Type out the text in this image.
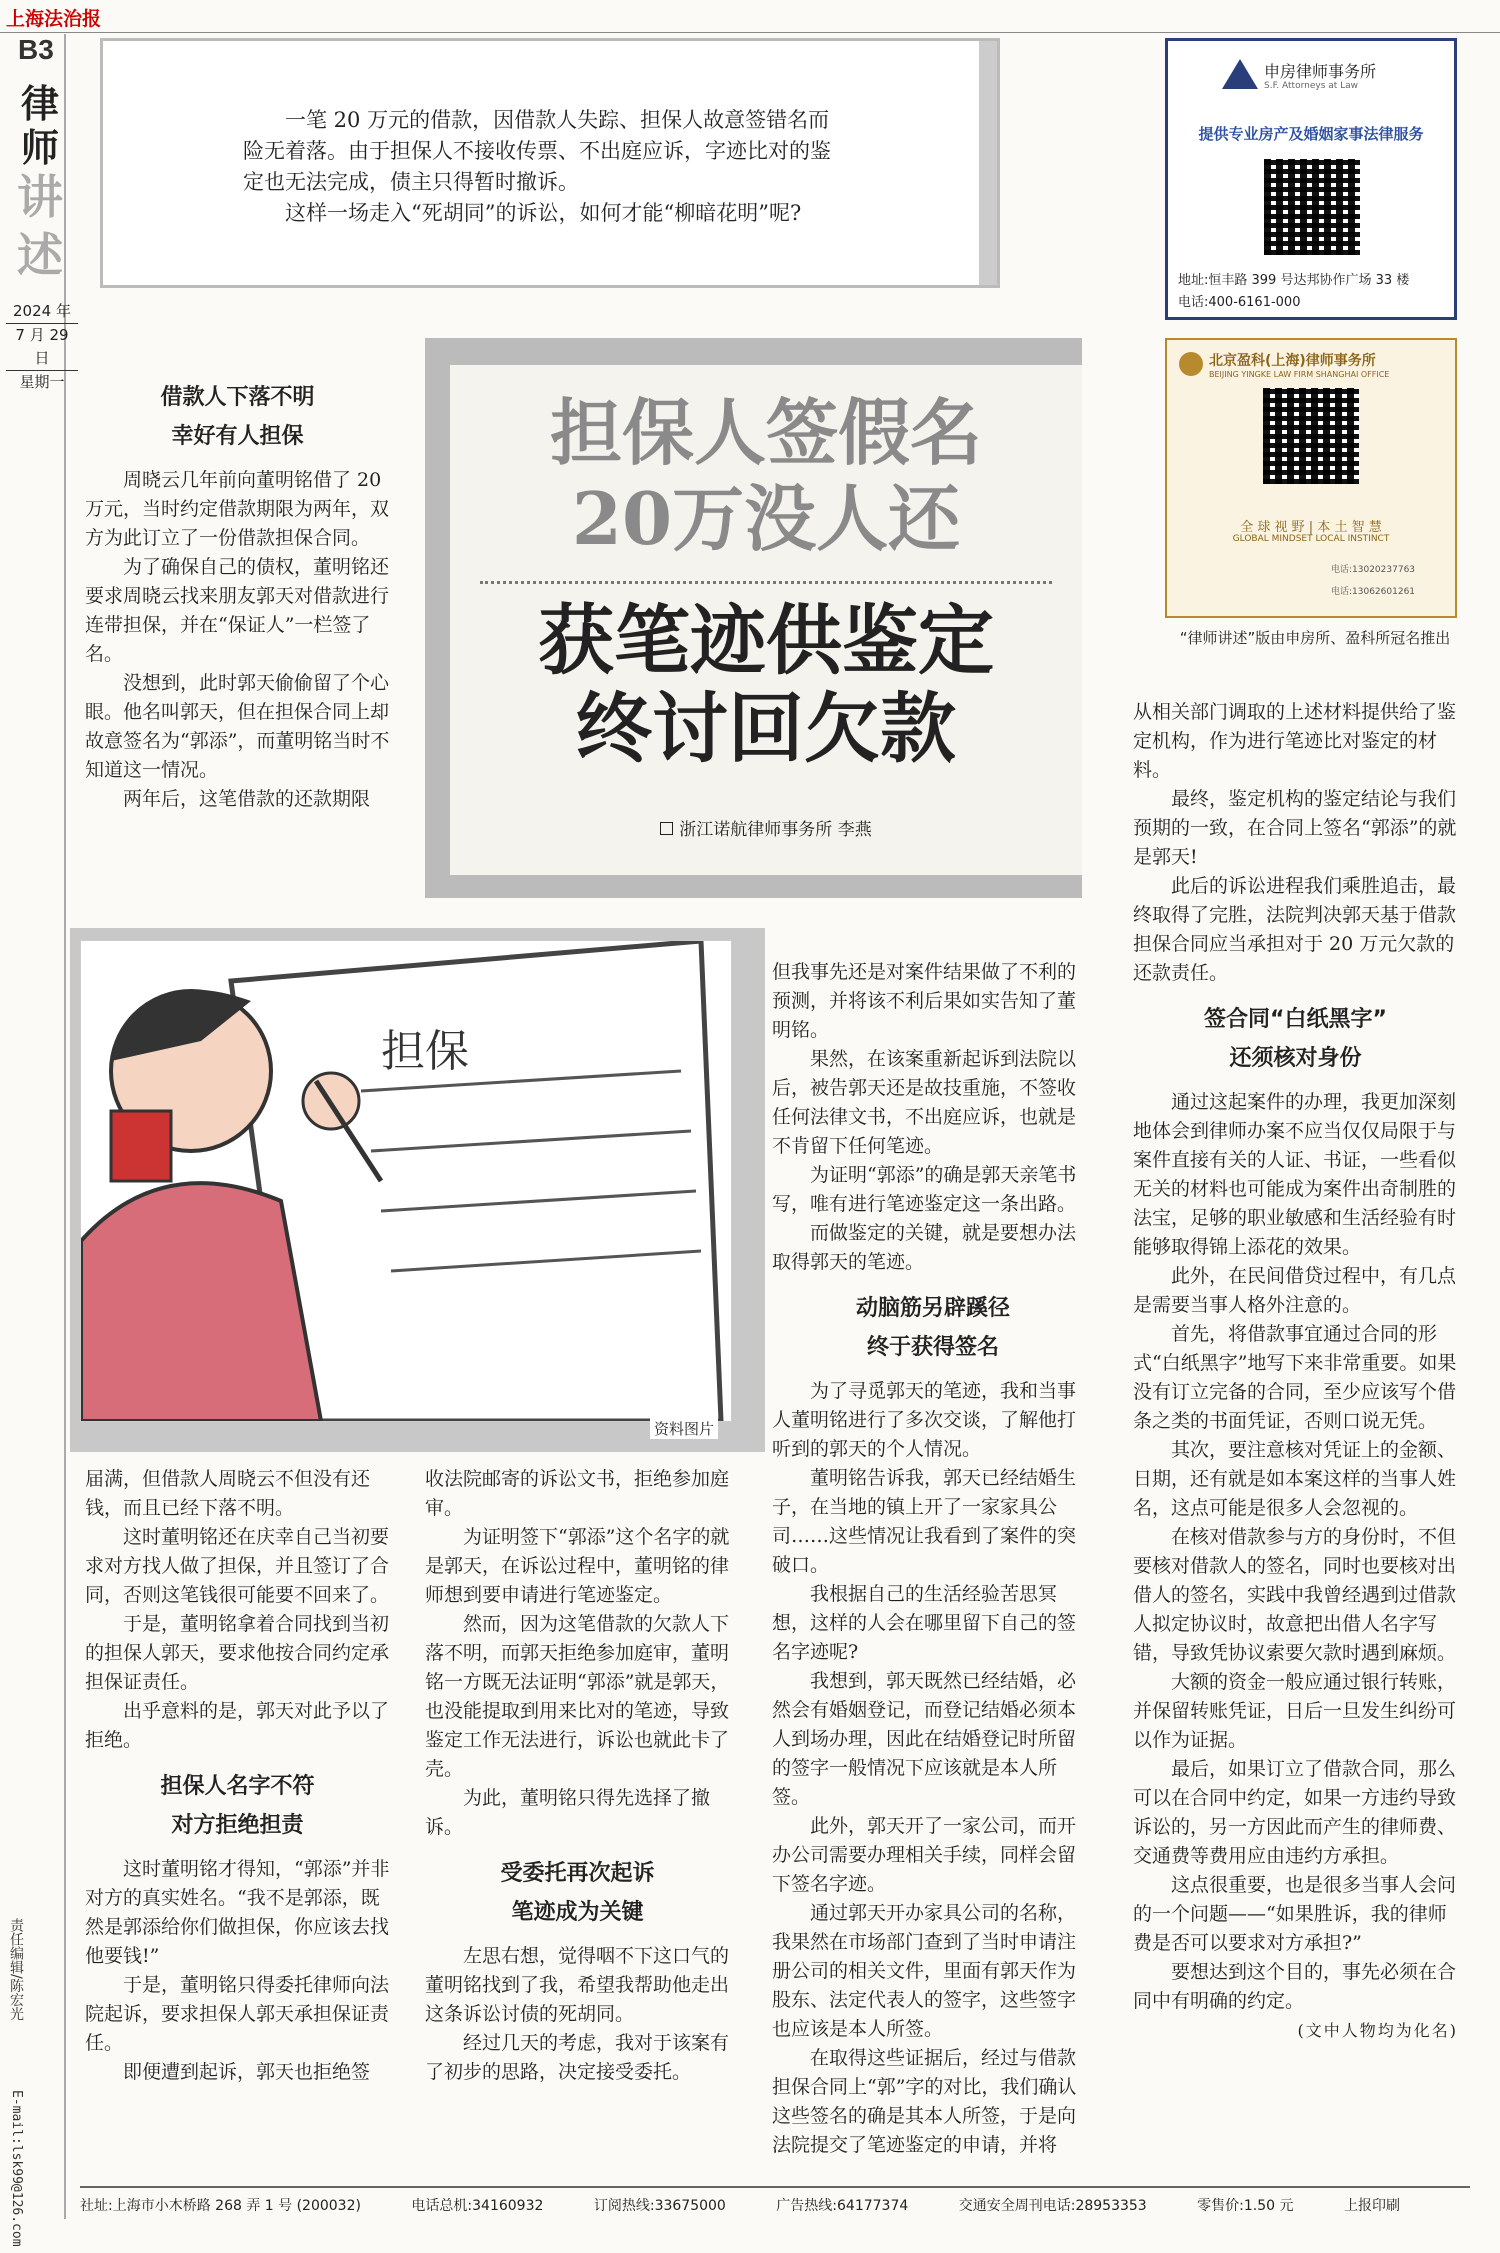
上海法治报
B3
律师
讲述
2024 年
7 月 29 日
星期一
责任编辑/陈宏光
E-mail:lsk99@126.com

一笔 20 万元的借款，因借款人失踪、担保人故意签错名而险无着落。由于担保人不接收传票、不出庭应诉，字迹比对的鉴定也无法完成，债主只得暂时撤诉。

这样一场走入“死胡同”的诉讼，如何才能“柳暗花明”呢?

申房律师事务所
S.F. Attorneys at Law
提供专业房产及婚姻家事法律服务
地址:恒丰路 399 号达邦协作广场 33 楼
电话:400-6161-000
北京盈科(上海)律师事务所
BEIJING YINGKE LAW FIRM SHANGHAI OFFICE
全 球 视 野 | 本 土 智 慧
GLOBAL MINDSET LOCAL INSTINCT
电话:13020237763
电话:13062601261
“律师讲述”版由申房所、盈科所冠名推出
担保人签假名
20万没人还
获笔迹供鉴定
终讨回欠款
浙江诺航律师事务所 李燕
借款人下落不明
幸好有人担保

周晓云几年前向董明铭借了 20 万元，当时约定借款期限为两年，双方为此订立了一份借款担保合同。

为了确保自己的债权，董明铭还要求周晓云找来朋友郭天对借款进行连带担保，并在“保证人”一栏签了名。

没想到，此时郭天偷偷留了个心眼。他名叫郭天，但在担保合同上却故意签名为“郭添”，而董明铭当时不知道这一情况。

两年后，这笔借款的还款期限

担保
资料图片

届满，但借款人周晓云不但没有还钱，而且已经下落不明。

这时董明铭还在庆幸自己当初要求对方找人做了担保，并且签订了合同，否则这笔钱很可能要不回来了。

于是，董明铭拿着合同找到当初的担保人郭天，要求他按合同约定承担保证责任。

出乎意料的是，郭天对此予以了拒绝。

担保人名字不符
对方拒绝担责

这时董明铭才得知，“郭添”并非对方的真实姓名。“我不是郭添，既然是郭添给你们做担保，你应该去找他要钱!”

于是，董明铭只得委托律师向法院起诉，要求担保人郭天承担保证责任。

即便遭到起诉，郭天也拒绝签

收法院邮寄的诉讼文书，拒绝参加庭审。

为证明签下“郭添”这个名字的就是郭天，在诉讼过程中，董明铭的律师想到要申请进行笔迹鉴定。

然而，因为这笔借款的欠款人下落不明，而郭天拒绝参加庭审，董明铭一方既无法证明“郭添”就是郭天，也没能提取到用来比对的笔迹，导致鉴定工作无法进行，诉讼也就此卡了壳。

为此，董明铭只得先选择了撤诉。

受委托再次起诉
笔迹成为关键

左思右想，觉得咽不下这口气的董明铭找到了我，希望我帮助他走出这条诉讼讨债的死胡同。

经过几天的考虑，我对于该案有了初步的思路，决定接受委托。

但我事先还是对案件结果做了不利的预测，并将该不利后果如实告知了董明铭。

果然，在该案重新起诉到法院以后，被告郭天还是故技重施，不签收任何法律文书，不出庭应诉，也就是不肯留下任何笔迹。

为证明“郭添”的确是郭天亲笔书写，唯有进行笔迹鉴定这一条出路。

而做鉴定的关键，就是要想办法取得郭天的笔迹。

动脑筋另辟蹊径
终于获得签名

为了寻觅郭天的笔迹，我和当事人董明铭进行了多次交谈，了解他打听到的郭天的个人情况。

董明铭告诉我，郭天已经结婚生子，在当地的镇上开了一家家具公司……这些情况让我看到了案件的突破口。

我根据自己的生活经验苦思冥想，这样的人会在哪里留下自己的签名字迹呢?

我想到，郭天既然已经结婚，必然会有婚姻登记，而登记结婚必须本人到场办理，因此在结婚登记时所留的签字一般情况下应该就是本人所签。

此外，郭天开了一家公司，而开办公司需要办理相关手续，同样会留下签名字迹。

通过郭天开办家具公司的名称，我果然在市场部门查到了当时申请注册公司的相关文件，里面有郭天作为股东、法定代表人的签字，这些签字也应该是本人所签。

在取得这些证据后，经过与借款担保合同上“郭”字的对比，我们确认这些签名的确是其本人所签，于是向法院提交了笔迹鉴定的申请，并将

从相关部门调取的上述材料提供给了鉴定机构，作为进行笔迹比对鉴定的材料。

最终，鉴定机构的鉴定结论与我们预期的一致，在合同上签名“郭添”的就是郭天!

此后的诉讼进程我们乘胜追击，最终取得了完胜，法院判决郭天基于借款担保合同应当承担对于 20 万元欠款的还款责任。

签合同“白纸黑字”
还须核对身份

通过这起案件的办理，我更加深刻地体会到律师办案不应当仅仅局限于与案件直接有关的人证、书证，一些看似无关的材料也可能成为案件出奇制胜的法宝，足够的职业敏感和生活经验有时能够取得锦上添花的效果。

此外，在民间借贷过程中，有几点是需要当事人格外注意的。

首先，将借款事宜通过合同的形式“白纸黑字”地写下来非常重要。如果没有订立完备的合同，至少应该写个借条之类的书面凭证，否则口说无凭。

其次，要注意核对凭证上的金额、日期，还有就是如本案这样的当事人姓名，这点可能是很多人会忽视的。

在核对借款参与方的身份时，不但要核对借款人的签名，同时也要核对出借人的签名，实践中我曾经遇到过借款人拟定协议时，故意把出借人名字写错，导致凭协议索要欠款时遇到麻烦。

大额的资金一般应通过银行转账，并保留转账凭证，日后一旦发生纠纷可以作为证据。

最后，如果订立了借款合同，那么可以在合同中约定，如果一方违约导致诉讼的，另一方因此而产生的律师费、交通费等费用应由违约方承担。

这点很重要，也是很多当事人会问的一个问题——“如果胜诉，我的律师费是否可以要求对方承担?”

要想达到这个目的，事先必须在合同中有明确的约定。

(文中人物均为化名)
社址:上海市小木桥路 268 弄 1 号 (200032)	电话总机:34160932	订阅热线:33675000	广告热线:64177374	交通安全周刊电话:28953353	零售价:1.50 元	上报印刷
